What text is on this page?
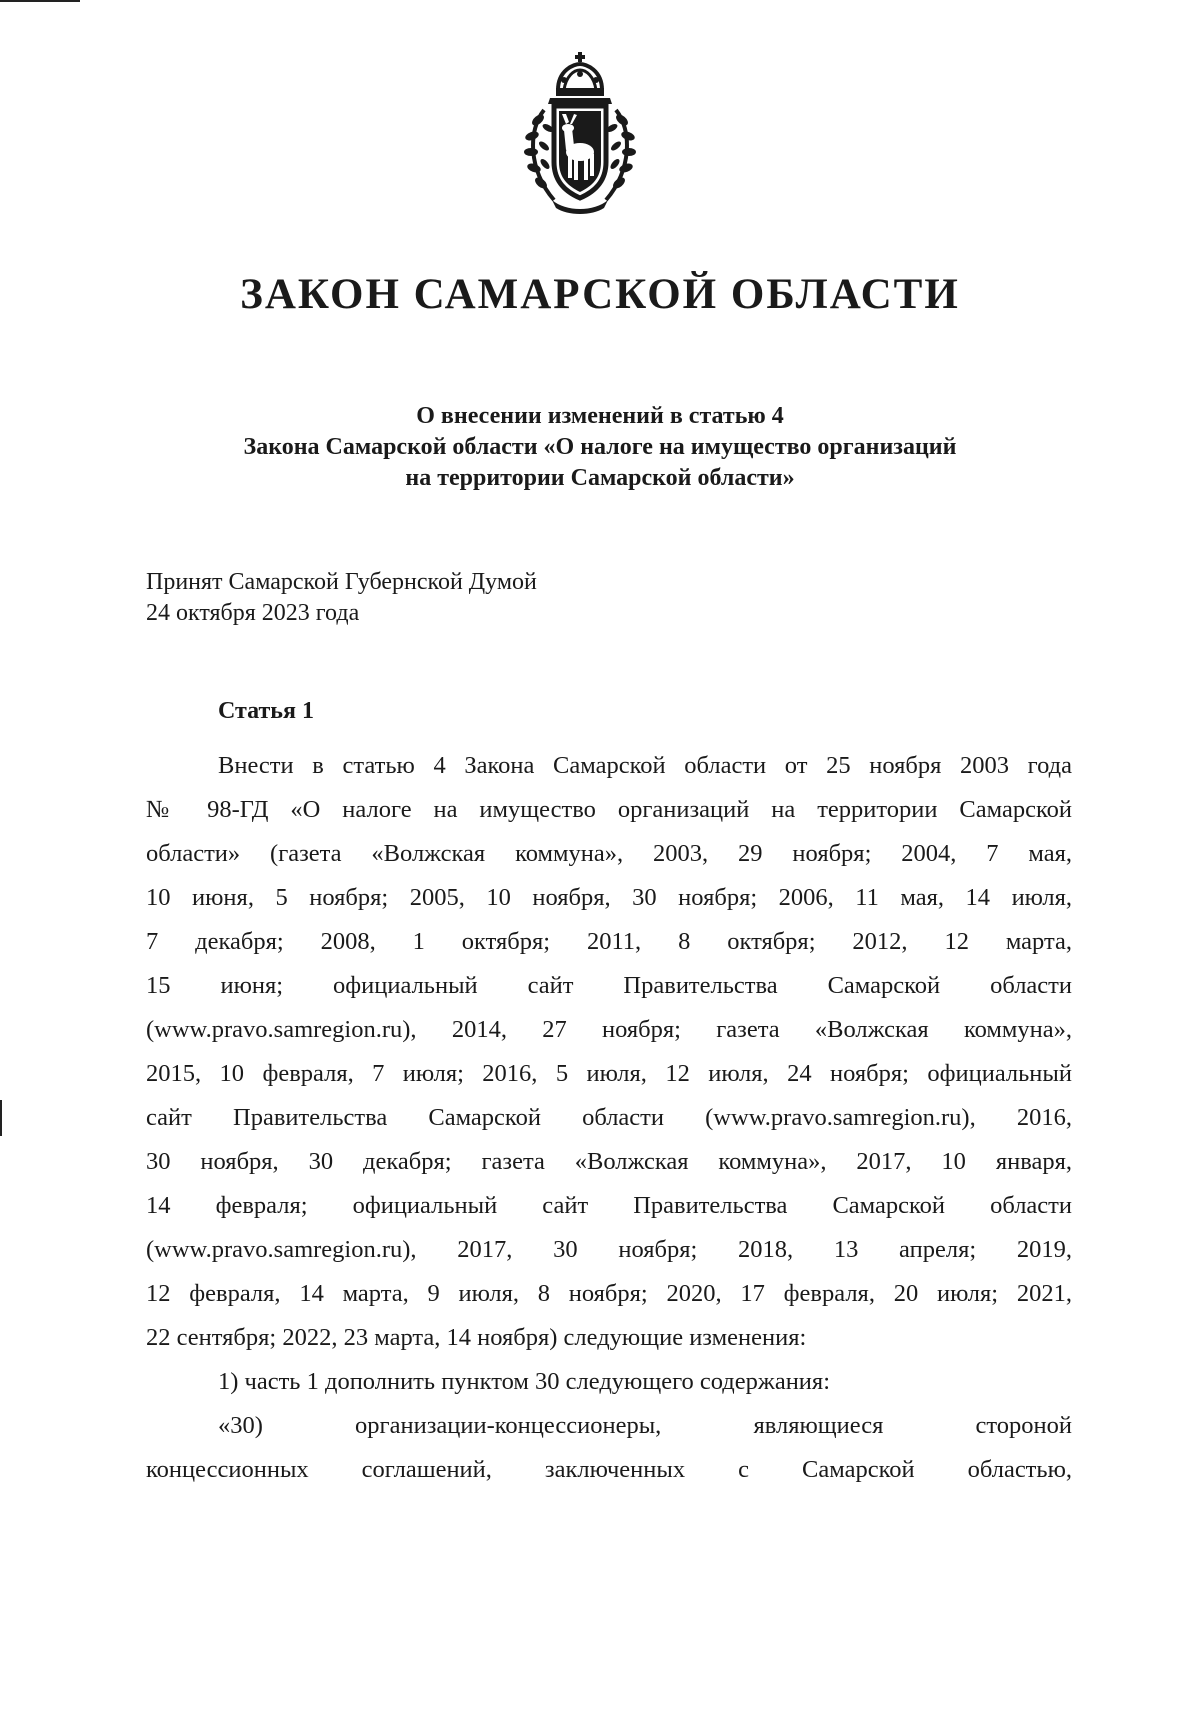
ЗАКОН САМАРСКОЙ ОБЛАСТИ
О внесении изменений в статью 4
Закона Самарской области «О налоге на имущество организаций
на территории Самарской области»
Принят Самарской Губернской Думой
24 октября 2023 года
Статья 1
Внести в статью 4 Закона Самарской области от 25 ноября 2003 года
№ 98-ГД «О налоге на имущество организаций на территории Самарской
области» (газета «Волжская коммуна», 2003, 29 ноября; 2004, 7 мая,
10 июня, 5 ноября; 2005, 10 ноября, 30 ноября; 2006, 11 мая, 14 июля,
7 декабря; 2008, 1 октября; 2011, 8 октября; 2012, 12 марта,
15 июня; официальный сайт Правительства Самарской области
(www.pravo.samregion.ru), 2014, 27 ноября; газета «Волжская коммуна»,
2015, 10 февраля, 7 июля; 2016, 5 июля, 12 июля, 24 ноября; официальный
сайт Правительства Самарской области (www.pravo.samregion.ru), 2016,
30 ноября, 30 декабря; газета «Волжская коммуна», 2017, 10 января,
14 февраля; официальный сайт Правительства Самарской области
(www.pravo.samregion.ru), 2017, 30 ноября; 2018, 13 апреля; 2019,
12 февраля, 14 марта, 9 июля, 8 ноября; 2020, 17 февраля, 20 июля; 2021,
22 сентября; 2022, 23 марта, 14 ноября) следующие изменения:
1) часть 1 дополнить пунктом 30 следующего содержания:
«30) организации-концессионеры, являющиеся стороной
концессионных соглашений, заключенных с Самарской областью,
